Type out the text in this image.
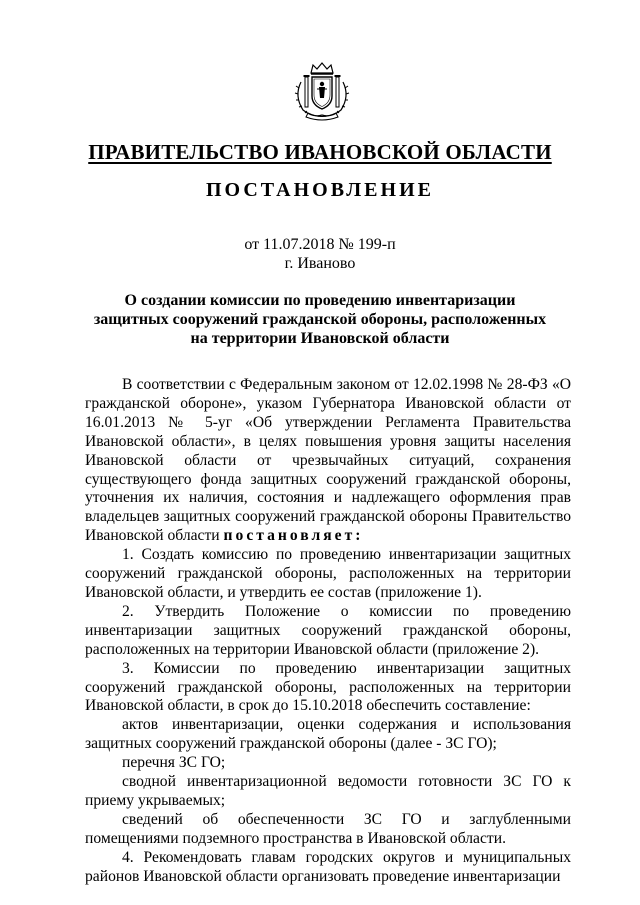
ПРАВИТЕЛЬСТВО ИВАНОВСКОЙ ОБЛАСТИ
ПОСТАНОВЛЕНИЕ
от 11.07.2018 № 199-п
г. Иваново
О создании комиссии по проведению инвентаризации защитных сооружений гражданской обороны, расположенных на территории Ивановской области

В соответствии с Федеральным законом от 12.02.1998 № 28-ФЗ «О гражданской обороне», указом Губернатора Ивановской области от 16.01.2013 № 5-уг «Об утверждении Регламента Правительства Ивановской области», в целях повышения уровня защиты населения Ивановской области от чрезвычайных ситуаций, сохранения существующего фонда защитных сооружений гражданской обороны, уточнения их наличия, состояния и надлежащего оформления прав владельцев защитных сооружений гражданской обороны Правительство Ивановской области постановляет:

1. Создать комиссию по проведению инвентаризации защитных сооружений гражданской обороны, расположенных на территории Ивановской области, и утвердить ее состав (приложение 1).

2. Утвердить Положение о комиссии по проведению инвентаризации защитных сооружений гражданской обороны, расположенных на территории Ивановской области (приложение 2).

3. Комиссии по проведению инвентаризации защитных сооружений гражданской обороны, расположенных на территории Ивановской области, в срок до 15.10.2018 обеспечить составление:

актов инвентаризации, оценки содержания и использования защитных сооружений гражданской обороны (далее - ЗС ГО);

перечня ЗС ГО;

сводной инвентаризационной ведомости готовности ЗС ГО к приему укрываемых;

сведений об обеспеченности ЗС ГО и заглубленными помещениями подземного пространства в Ивановской области.

4. Рекомендовать главам городских округов и муниципальных районов Ивановской области организовать проведение инвентаризации
